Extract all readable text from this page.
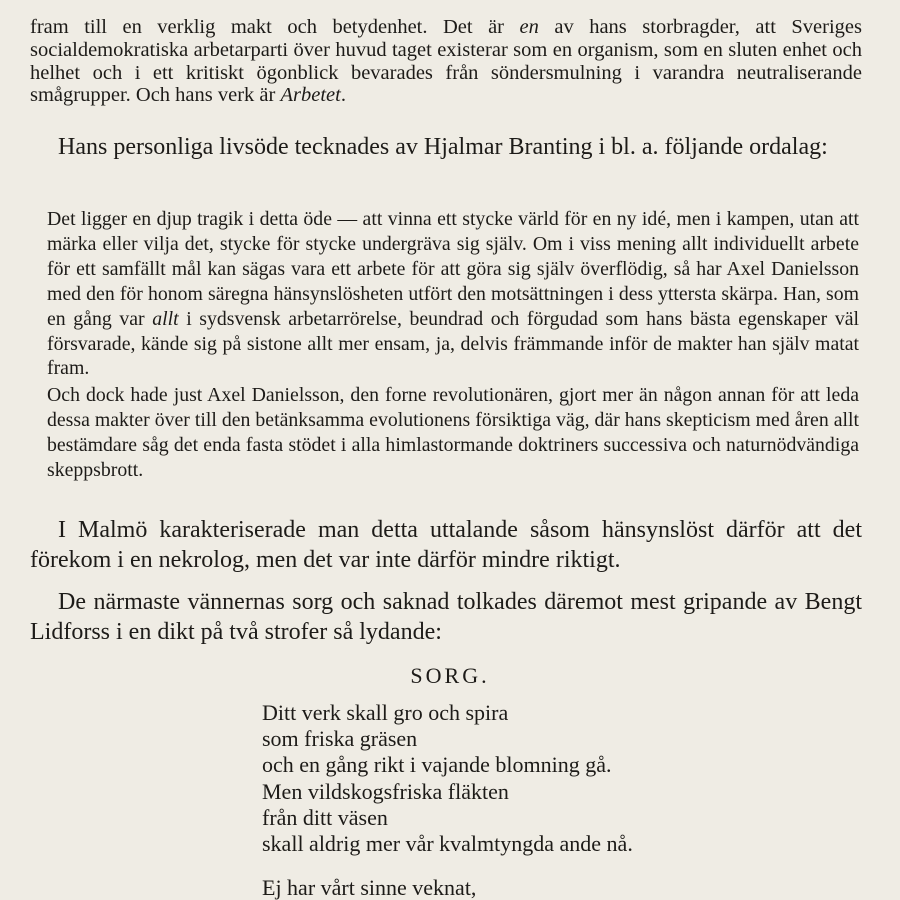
fram till en verklig makt och betydenhet. Det är en av hans storbragder, att Sveriges socialdemokratiska arbetarparti över huvud taget existerar som en organism, som en sluten enhet och helhet och i ett kritiskt ögonblick bevarades från söndersmulning i varandra neutraliserande smågrupper. Och hans verk är Arbetet.

Hans personliga livsöde tecknades av Hjalmar Branting i bl. a. följande ordalag:

Det ligger en djup tragik i detta öde — att vinna ett stycke värld för en ny idé, men i kampen, utan att märka eller vilja det, stycke för stycke undergräva sig själv. Om i viss mening allt individuellt arbete för ett samfällt mål kan sägas vara ett arbete för att göra sig själv överflödig, så har Axel Danielsson med den för honom säregna hänsynslösheten utfört den motsättningen i dess yttersta skärpa. Han, som en gång var allt i sydsvensk arbetarrörelse, beundrad och förgudad som hans bästa egenskaper väl försvarade, kände sig på sistone allt mer ensam, ja, delvis främmande inför de makter han själv matat fram.

Och dock hade just Axel Danielsson, den forne revolutionären, gjort mer än någon annan för att leda dessa makter över till den betänksamma evolutionens försiktiga väg, där hans skepticism med åren allt bestämdare såg det enda fasta stödet i alla himlastormande doktriners successiva och naturnödvändiga skeppsbrott.

I Malmö karakteriserade man detta uttalande såsom hänsynslöst därför att det förekom i en nekrolog, men det var inte därför mindre riktigt.

De närmaste vännernas sorg och saknad tolkades däremot mest gripande av Bengt Lidforss i en dikt på två strofer så lydande:

SORG.
Ditt verk skall gro och spira
som friska gräsen
och en gång rikt i vajande blomning gå.
Men vildskogsfriska fläkten
från ditt väsen
skall aldrig mer vår kvalmtyngda ande nå.
Ej har vårt sinne veknat,
